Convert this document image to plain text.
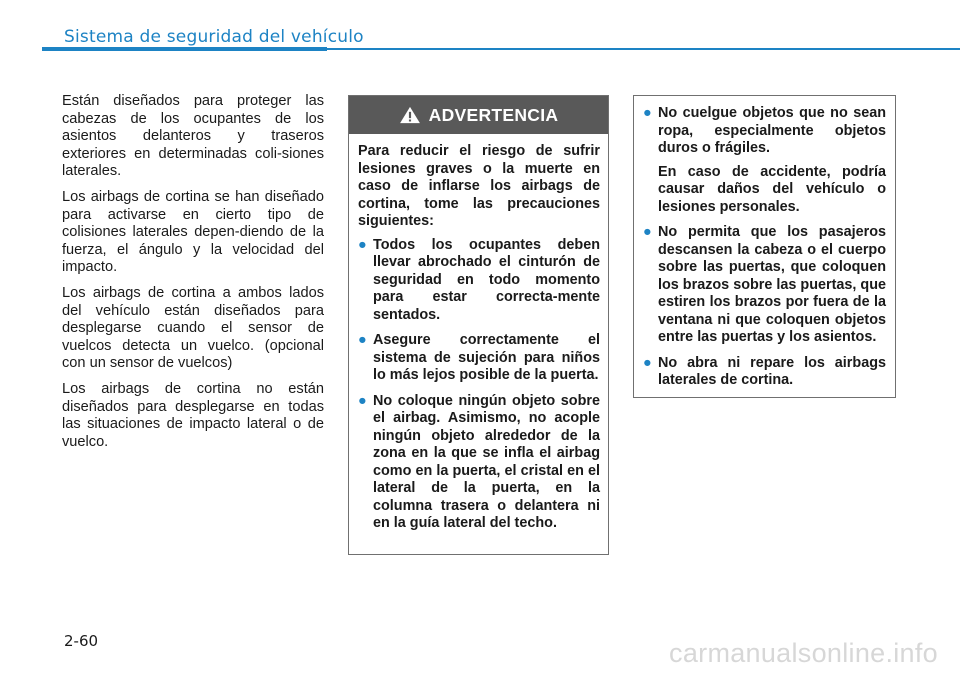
Sistema de seguridad del vehículo

Están diseñados para proteger las cabezas de los ocupantes de los asientos delanteros y traseros exteriores en determinadas coli-siones laterales.

Los airbags de cortina se han diseñado para activarse en cierto tipo de colisiones laterales depen-diendo de la fuerza, el ángulo y la velocidad del impacto.

Los airbags de cortina a ambos lados del vehículo están diseñados para desplegarse cuando el sensor de vuelcos detecta un vuelco. (opcional con un sensor de vuelcos)

Los airbags de cortina no están diseñados para desplegarse en todas las situaciones de impacto lateral o de vuelco.

ADVERTENCIA

Para reducir el riesgo de sufrir lesiones graves o la muerte en caso de inflarse los airbags de cortina, tome las precauciones siguientes:

● Todos los ocupantes deben llevar abrochado el cinturón de seguridad en todo momento para estar correcta-mente sentados.
● Asegure correctamente el sistema de sujeción para niños lo más lejos posible de la puerta.
● No coloque ningún objeto sobre el airbag. Asimismo, no acople ningún objeto alrededor de la zona en la que se infla el airbag como en la puerta, el cristal en el lateral de la puerta, en la columna trasera o delantera ni en la guía lateral del techo.
● No cuelgue objetos que no sean ropa, especialmente objetos duros o frágiles.
En caso de accidente, podría causar daños del vehículo o lesiones personales.
● No permita que los pasajeros descansen la cabeza o el cuerpo sobre las puertas, que coloquen los brazos sobre las puertas, que estiren los brazos por fuera de la ventana ni que coloquen objetos entre las puertas y los asientos.
● No abra ni repare los airbags laterales de cortina.
2-60	carmanualsonline.info
